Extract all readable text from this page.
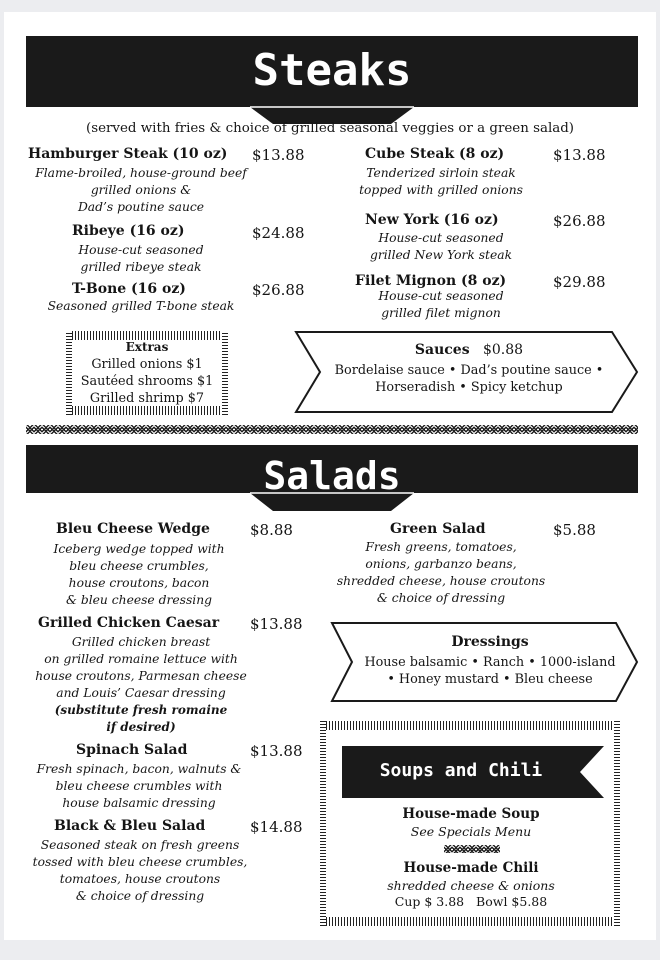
Steaks
(served with fries & choice of grilled seasonal veggies or a green salad)
Hamburger Steak (10 oz) $13.88
Flame-broiled, house-ground beef
grilled onions &
Dad’s poutine sauce
Ribeye (16 oz)	$24.88
House-cut seasoned
grilled ribeye steak
T-Bone (16 oz)	$26.88
Seasoned grilled T-bone steak
Cube Steak (8 oz)	$13.88
Tenderized sirloin steak
topped with grilled onions
New York (16 oz)	$26.88
House-cut seasoned
grilled New York steak
Filet Mignon (8 oz)	$29.88
House-cut seasoned
grilled filet mignon
Extras
Grilled onions $1
Sautéed shrooms $1
Grilled shrimp $7
Sauces $0.88
Bordelaise sauce • Dad’s poutine sauce •
Horseradish • Spicy ketchup
Salads
Bleu Cheese Wedge	$8.88
Iceberg wedge topped with
bleu cheese crumbles,
house croutons, bacon
& bleu cheese dressing
Grilled Chicken Caesar $13.88
Grilled chicken breast
on grilled romaine lettuce with
house croutons, Parmesan cheese
and Louis’ Caesar dressing
(substitute fresh romaine
if desired)
Spinach Salad	$13.88
Fresh spinach, bacon, walnuts &
bleu cheese crumbles with
house balsamic dressing
Black & Bleu Salad	$14.88
Seasoned steak on fresh greens
tossed with bleu cheese crumbles,
tomatoes, house croutons
& choice of dressing
Green Salad	$5.88
Fresh greens, tomatoes,
onions, garbanzo beans,
shredded cheese, house croutons
& choice of dressing
Dressings
House balsamic • Ranch • 1000-island
• Honey mustard • Bleu cheese
Soups and Chili
House-made Soup
See Specials Menu
House-made Chili
shredded cheese & onions
Cup $ 3.88   Bowl $5.88
